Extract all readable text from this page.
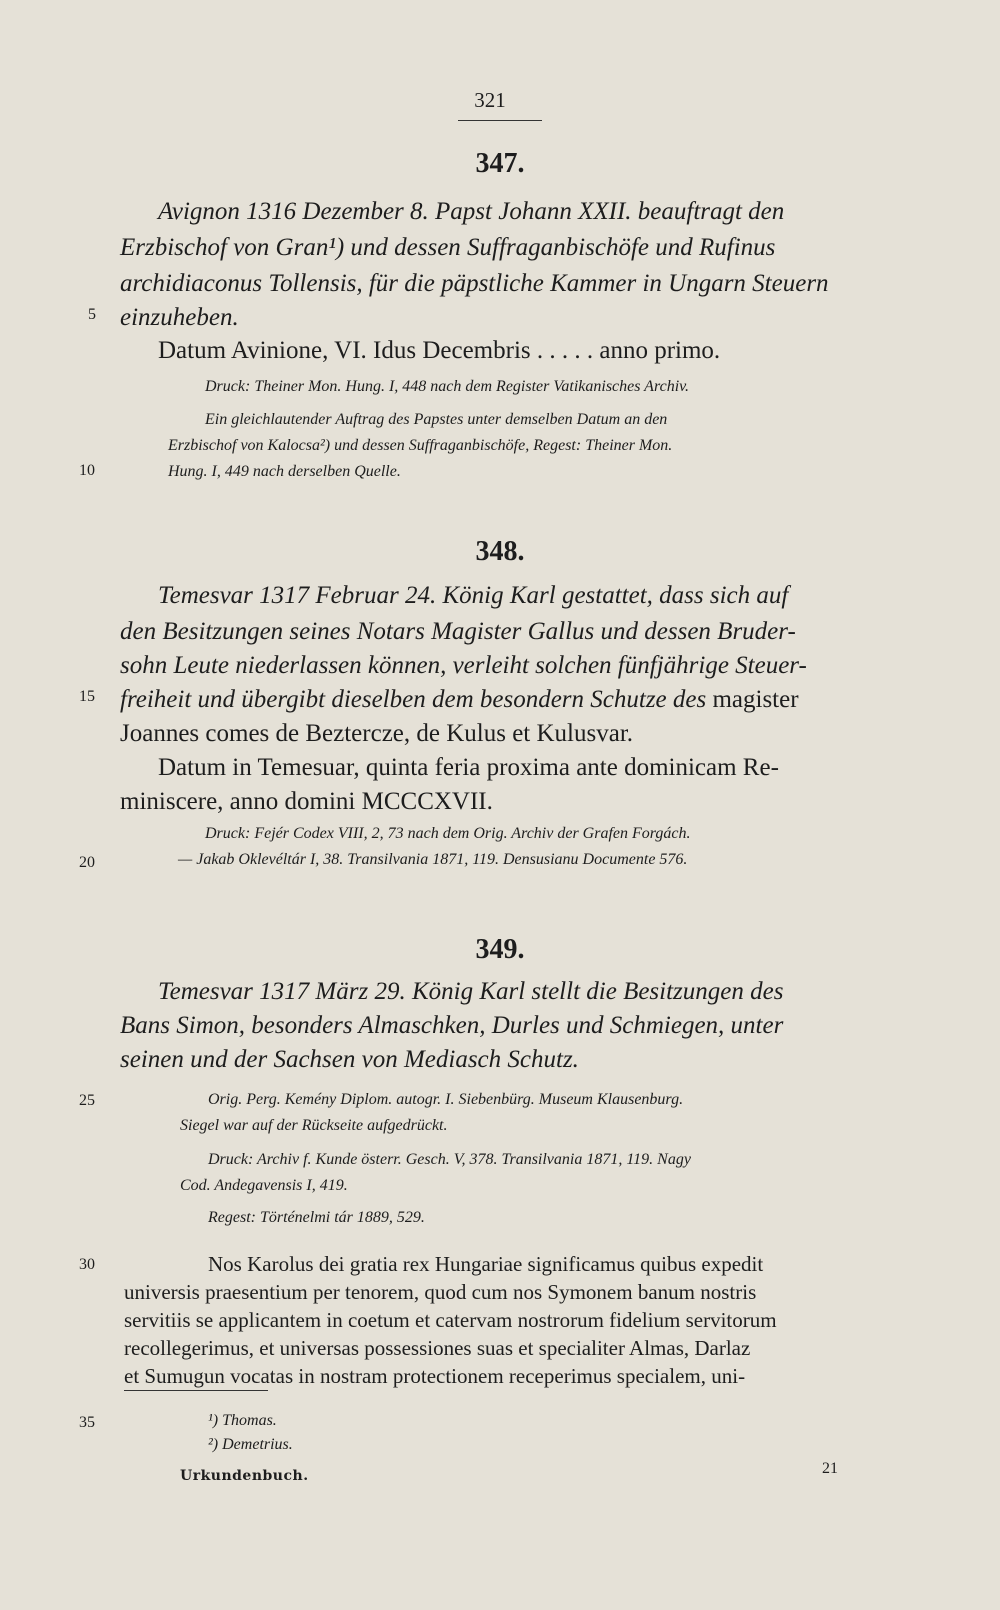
321
347.
Avignon 1316 Dezember 8. Papst Johann XXII. beauftragt den
Erzbischof von Gran¹) und dessen Suffraganbischöfe und Rufinus
archidiaconus Tollensis, für die päpstliche Kammer in Ungarn Steuern
einzuheben.
Datum Avinione, VI. Idus Decembris . . . . . anno primo.
Druck: Theiner Mon. Hung. I, 448 nach dem Register Vatikanisches Archiv.
Ein gleichlautender Auftrag des Papstes unter demselben Datum an den
Erzbischof von Kalocsa²) und dessen Suffraganbischöfe, Regest: Theiner Mon.
Hung. I, 449 nach derselben Quelle.
348.
Temesvar 1317 Februar 24. König Karl gestattet, dass sich auf
den Besitzungen seines Notars Magister Gallus und dessen Bruder-
sohn Leute niederlassen können, verleiht solchen fünfjährige Steuer-
freiheit und übergibt dieselben dem besondern Schutze des magister
Joannes comes de Beztercze, de Kulus et Kulusvar.
Datum in Temesuar, quinta feria proxima ante dominicam Re-
miniscere, anno domini MCCCXVII.
Druck: Fejér Codex VIII, 2, 73 nach dem Orig. Archiv der Grafen Forgách.
— Jakab Oklevéltár I, 38. Transilvania 1871, 119. Densusianu Documente 576.
349.
Temesvar 1317 März 29. König Karl stellt die Besitzungen des
Bans Simon, besonders Almaschken, Durles und Schmiegen, unter
seinen und der Sachsen von Mediasch Schutz.
Orig. Perg. Kemény Diplom. autogr. I. Siebenbürg. Museum Klausenburg.
Siegel war auf der Rückseite aufgedrückt.
Druck: Archiv f. Kunde österr. Gesch. V, 378. Transilvania 1871, 119. Nagy
Cod. Andegavensis I, 419.
Regest: Történelmi tár 1889, 529.
Nos Karolus dei gratia rex Hungariae significamus quibus expedit
universis praesentium per tenorem, quod cum nos Symonem banum nostris
servitiis se applicantem in coetum et catervam nostrorum fidelium servitorum
recollegerimus, et universas possessiones suas et specialiter Almas, Darlaz
et Sumugun vocatas in nostram protectionem receperimus specialem, uni-
5
10
15
20
25
30
35	¹) Thomas.
²) Demetrius.
Urkundenbuch.	21
